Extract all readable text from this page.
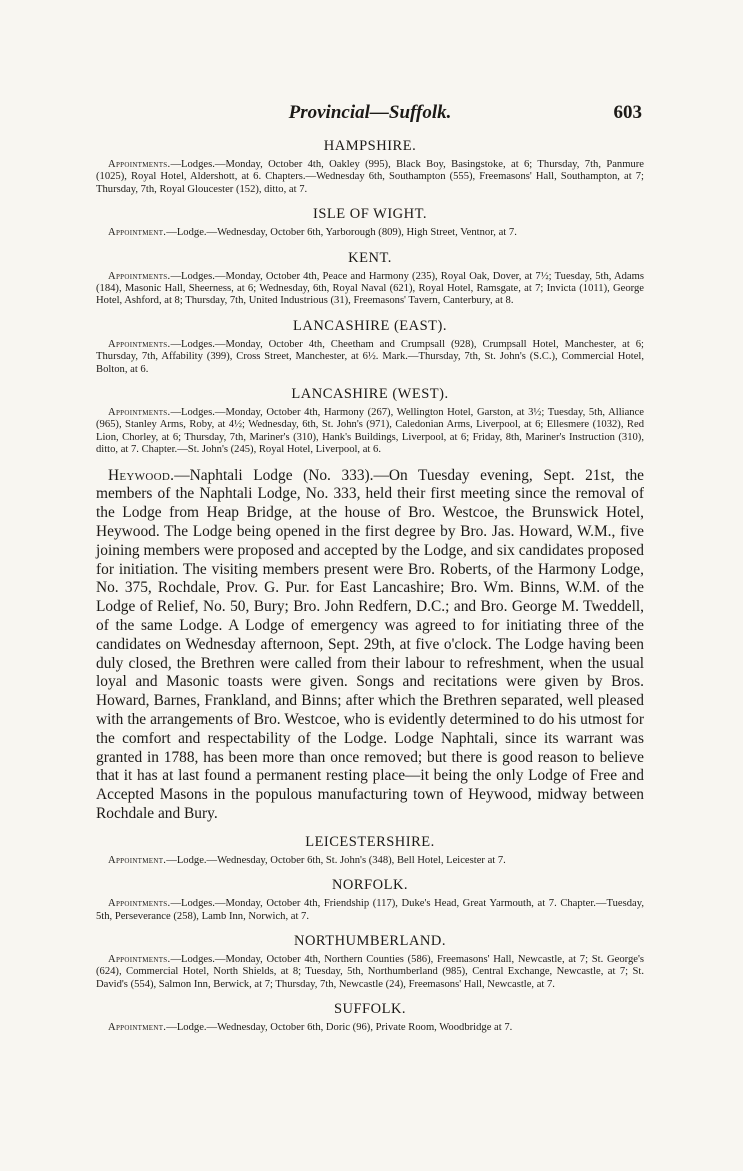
Provincial—Suffolk.	603
HAMPSHIRE.

Appointments.—Lodges.—Monday, October 4th, Oakley (995), Black Boy, Basingstoke, at 6; Thursday, 7th, Panmure (1025), Royal Hotel, Aldershott, at 6. Chapters.—Wednesday 6th, Southampton (555), Freemasons' Hall, Southampton, at 7; Thursday, 7th, Royal Gloucester (152), ditto, at 7.

ISLE OF WIGHT.

Appointment.—Lodge.—Wednesday, October 6th, Yarborough (809), High Street, Ventnor, at 7.

KENT.

Appointments.—Lodges.—Monday, October 4th, Peace and Harmony (235), Royal Oak, Dover, at 7½; Tuesday, 5th, Adams (184), Masonic Hall, Sheerness, at 6; Wednesday, 6th, Royal Naval (621), Royal Hotel, Ramsgate, at 7; Invicta (1011), George Hotel, Ashford, at 8; Thursday, 7th, United Industrious (31), Freemasons' Tavern, Canterbury, at 8.

LANCASHIRE (EAST).

Appointments.—Lodges.—Monday, October 4th, Cheetham and Crumpsall (928), Crumpsall Hotel, Manchester, at 6; Thursday, 7th, Affability (399), Cross Street, Manchester, at 6½. Mark.—Thursday, 7th, St. John's (S.C.), Commercial Hotel, Bolton, at 6.

LANCASHIRE (WEST).

Appointments.—Lodges.—Monday, October 4th, Harmony (267), Wellington Hotel, Garston, at 3½; Tuesday, 5th, Alliance (965), Stanley Arms, Roby, at 4½; Wednesday, 6th, St. John's (971), Caledonian Arms, Liverpool, at 6; Ellesmere (1032), Red Lion, Chorley, at 6; Thursday, 7th, Mariner's (310), Hank's Buildings, Liverpool, at 6; Friday, 8th, Mariner's Instruction (310), ditto, at 7. Chapter.—St. John's (245), Royal Hotel, Liverpool, at 6.

Heywood.—Naphtali Lodge (No. 333).—On Tuesday evening, Sept. 21st, the members of the Naphtali Lodge, No. 333, held their first meeting since the removal of the Lodge from Heap Bridge, at the house of Bro. Westcoe, the Brunswick Hotel, Heywood. The Lodge being opened in the first degree by Bro. Jas. Howard, W.M., five joining members were proposed and accepted by the Lodge, and six candidates proposed for initiation. The visiting members present were Bro. Roberts, of the Harmony Lodge, No. 375, Rochdale, Prov. G. Pur. for East Lancashire; Bro. Wm. Binns, W.M. of the Lodge of Relief, No. 50, Bury; Bro. John Redfern, D.C.; and Bro. George M. Tweddell, of the same Lodge. A Lodge of emergency was agreed to for initiating three of the candidates on Wednesday afternoon, Sept. 29th, at five o'clock. The Lodge having been duly closed, the Brethren were called from their labour to refreshment, when the usual loyal and Masonic toasts were given. Songs and recitations were given by Bros. Howard, Barnes, Frankland, and Binns; after which the Brethren separated, well pleased with the arrangements of Bro. Westcoe, who is evidently determined to do his utmost for the comfort and respectability of the Lodge. Lodge Naphtali, since its warrant was granted in 1788, has been more than once removed; but there is good reason to believe that it has at last found a permanent resting place—it being the only Lodge of Free and Accepted Masons in the populous manufacturing town of Heywood, midway between Rochdale and Bury.

LEICESTERSHIRE.

Appointment.—Lodge.—Wednesday, October 6th, St. John's (348), Bell Hotel, Leicester at 7.

NORFOLK.

Appointments.—Lodges.—Monday, October 4th, Friendship (117), Duke's Head, Great Yarmouth, at 7. Chapter.—Tuesday, 5th, Perseverance (258), Lamb Inn, Norwich, at 7.

NORTHUMBERLAND.

Appointments.—Lodges.—Monday, October 4th, Northern Counties (586), Freemasons' Hall, Newcastle, at 7; St. George's (624), Commercial Hotel, North Shields, at 8; Tuesday, 5th, Northumberland (985), Central Exchange, Newcastle, at 7; St. David's (554), Salmon Inn, Berwick, at 7; Thursday, 7th, Newcastle (24), Freemasons' Hall, Newcastle, at 7.

SUFFOLK.

Appointment.—Lodge.—Wednesday, October 6th, Doric (96), Private Room, Woodbridge at 7.
